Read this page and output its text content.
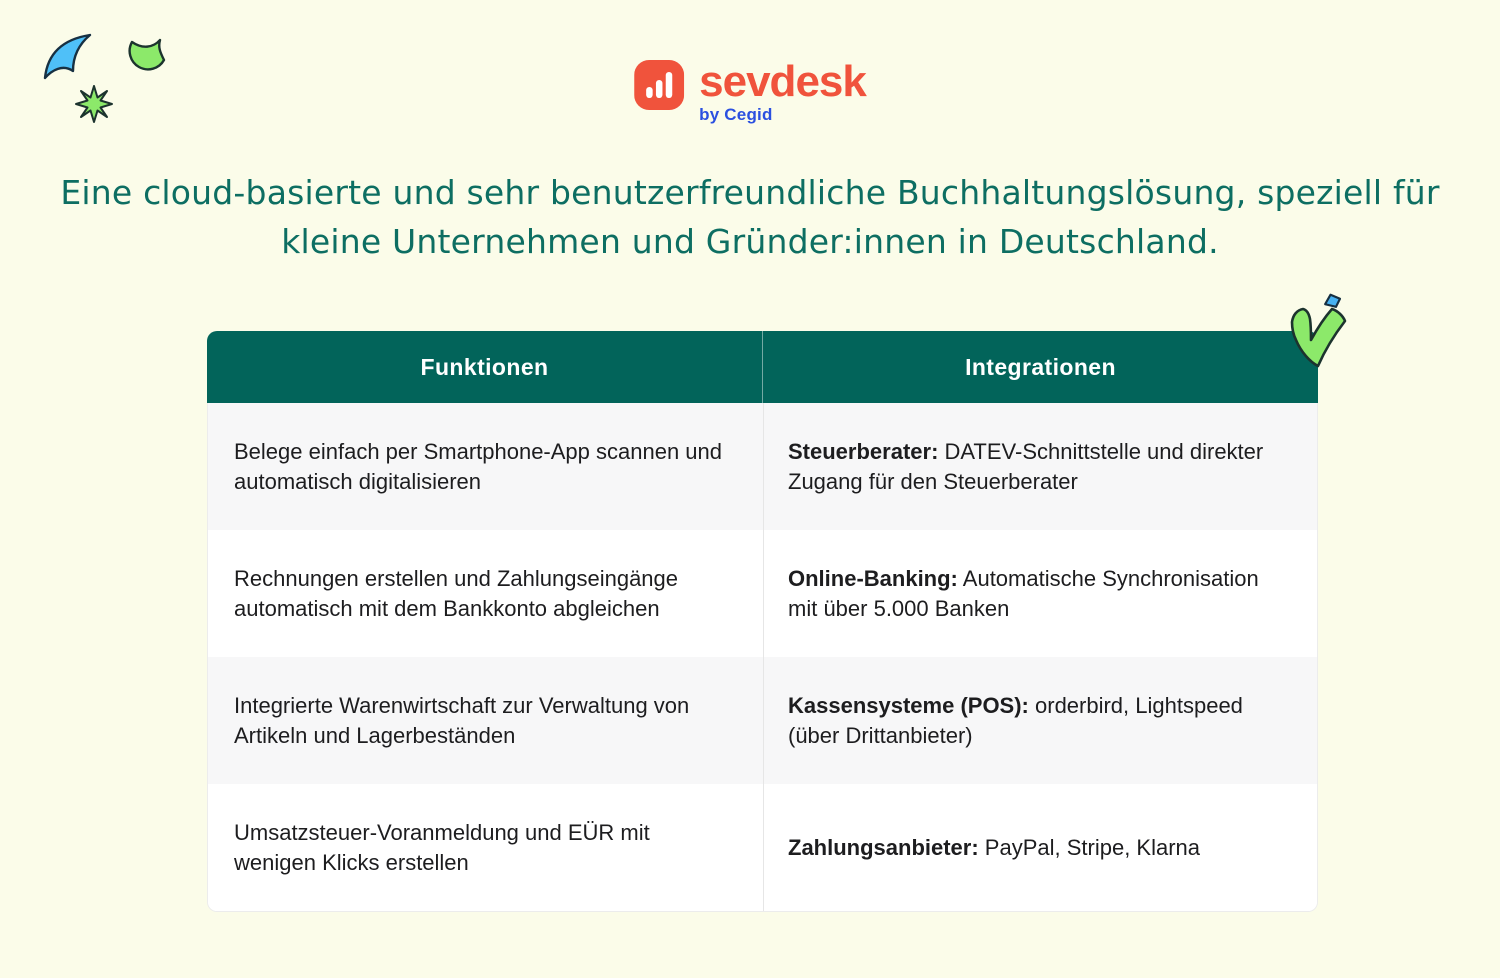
sevdesk
by Cegid
Eine cloud-basierte und sehr benutzerfreundliche Buchhaltungslösung, speziell für
kleine Unternehmen und Gründer:innen in Deutschland.
Funktionen	Integrationen
Belege einfach per Smartphone-App scannen und automatisch digitalisieren
Steuerberater: DATEV-Schnittstelle und direkter Zugang für den Steuerberater
Rechnungen erstellen und Zahlungseingänge automatisch mit dem Bankkonto abgleichen
Online-Banking: Automatische Synchronisation mit über 5.000 Banken
Integrierte Warenwirtschaft zur Verwaltung von Artikeln und Lagerbeständen
Kassensysteme (POS): orderbird, Lightspeed (über Drittanbieter)
Umsatzsteuer-Voranmeldung und EÜR mit wenigen Klicks erstellen
Zahlungsanbieter: PayPal, Stripe, Klarna
